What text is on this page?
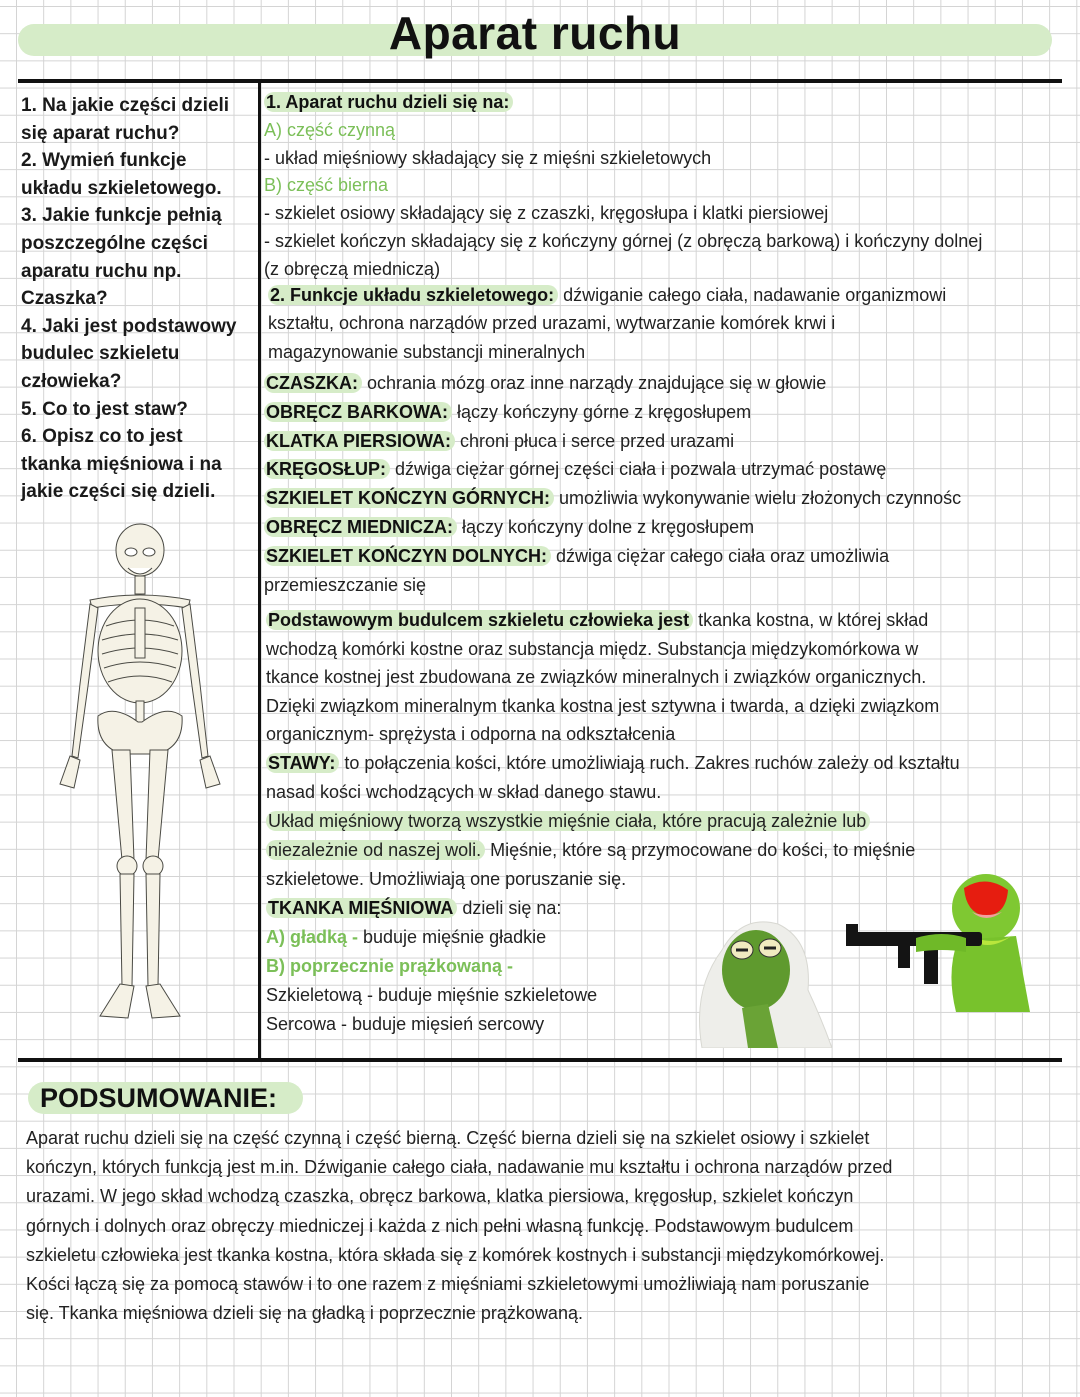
Aparat ruchu
1. Na jakie części dzieli
się aparat ruchu?
2. Wymień funkcje
układu szkieletowego.
3. Jakie funkcje pełnią
poszczególne części
aparatu ruchu np.
Czaszka?
4. Jaki jest podstawowy
budulec szkieletu
człowieka?
5. Co to jest staw?
6. Opisz co to jest
tkanka mięśniowa i na
jakie części się dzieli.
1. Aparat ruchu dzieli się na:
A) część czynną
- układ mięśniowy składający się z mięśni szkieletowych
B) część bierna
- szkielet osiowy składający się z czaszki, kręgosłupa i klatki piersiowej
- szkielet kończyn składający się z kończyny górnej (z obręczą barkową) i kończyny dolnej
(z obręczą miedniczą)
2. Funkcje układu szkieletowego: dźwiganie całego ciała, nadawanie organizmowi
kształtu, ochrona narządów przed urazami, wytwarzanie komórek krwi i
magazynowanie substancji mineralnych
CZASZKA: ochrania mózg oraz inne narządy znajdujące się w głowie
OBRĘCZ BARKOWA: łączy kończyny górne z kręgosłupem
KLATKA PIERSIOWA: chroni płuca i serce przed urazami
KRĘGOSŁUP: dźwiga ciężar górnej części ciała i pozwala utrzymać postawę
SZKIELET KOŃCZYN GÓRNYCH: umożliwia wykonywanie wielu złożonych czynnośc
OBRĘCZ MIEDNICZA: łączy kończyny dolne z kręgosłupem
SZKIELET KOŃCZYN DOLNYCH: dźwiga ciężar całego ciała oraz umożliwia
przemieszczanie się
Podstawowym budulcem szkieletu człowieka jest tkanka kostna, w której skład
wchodzą komórki kostne oraz substancja międz. Substancja międzykomórkowa w
tkance kostnej jest zbudowana ze związków mineralnych i związków organicznych.
Dzięki związkom mineralnym tkanka kostna jest sztywna i twarda, a dzięki związkom
organicznym- sprężysta i odporna na odkształcenia
STAWY: to połączenia kości, które umożliwiają ruch. Zakres ruchów zależy od kształtu
nasad kości wchodzących w skład danego stawu.
Układ mięśniowy tworzą wszystkie mięśnie ciała, które pracują zależnie lub
niezależnie od naszej woli. Mięśnie, które są przymocowane do kości, to mięśnie
szkieletowe. Umożliwiają one poruszanie się.
TKANKA MIĘŚNIOWA dzieli się na:
A) gładką - buduje mięśnie gładkie
B) poprzecznie prążkowaną -
Szkieletową - buduje mięśnie szkieletowe
Sercowa - buduje mięsień sercowy
PODSUMOWANIE:
Aparat ruchu dzieli się na część czynną i część bierną. Część bierna dzieli się na szkielet osiowy i szkielet
kończyn, których funkcją jest m.in. Dźwiganie całego ciała, nadawanie mu kształtu i ochrona narządów przed
urazami. W jego skład wchodzą czaszka, obręcz barkowa, klatka piersiowa, kręgosłup, szkielet kończyn
górnych i dolnych oraz obręczy miedniczej i każda z nich pełni własną funkcję. Podstawowym budulcem
szkieletu człowieka jest tkanka kostna, która składa się z komórek kostnych i substancji międzykomórkowej.
Kości łączą się za pomocą stawów i to one razem z mięśniami szkieletowymi umożliwiają nam poruszanie
się. Tkanka mięśniowa dzieli się na gładką i poprzecznie prążkowaną.
